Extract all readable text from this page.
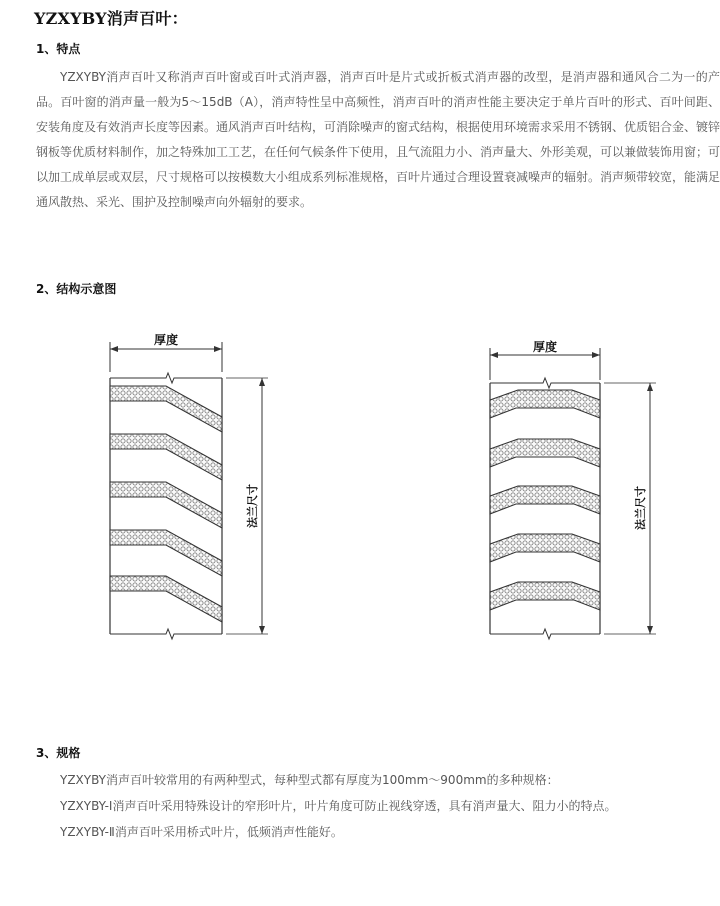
YZXYBY消声百叶：
1、特点
YZXYBY消声百叶又称消声百叶窗或百叶式消声器，消声百叶是片式或折板式消声器的改型，是消声器和通风合二为一的产品。百叶窗的消声量一般为5～15dB（A），消声特性呈中高频性，消声百叶的消声性能主要决定于单片百叶的形式、百叶间距、安装角度及有效消声长度等因素。通风消声百叶结构，可消除噪声的窗式结构，根据使用环境需求采用不锈钢、优质铝合金、镀锌钢板等优质材料制作，加之特殊加工工艺，在任何气候条件下使用，且气流阻力小、消声量大、外形美观，可以兼做装饰用窗；可以加工成单层或双层，尺寸规格可以按模数大小组成系列标准规格，百叶片通过合理设置衰减噪声的辐射。消声频带较宽，能满足通风散热、采光、围护及控制噪声向外辐射的要求。
2、结构示意图
厚度	厚度
法兰尺寸	法兰尺寸
3、规格
YZXYBY消声百叶较常用的有两种型式，每种型式都有厚度为100mm～900mm的多种规格：
YZXYBY-Ⅰ消声百叶采用特殊设计的窄形叶片，叶片角度可防止视线穿透，具有消声量大、阻力小的特点。
YZXYBY-Ⅱ消声百叶采用桥式叶片，低频消声性能好。
